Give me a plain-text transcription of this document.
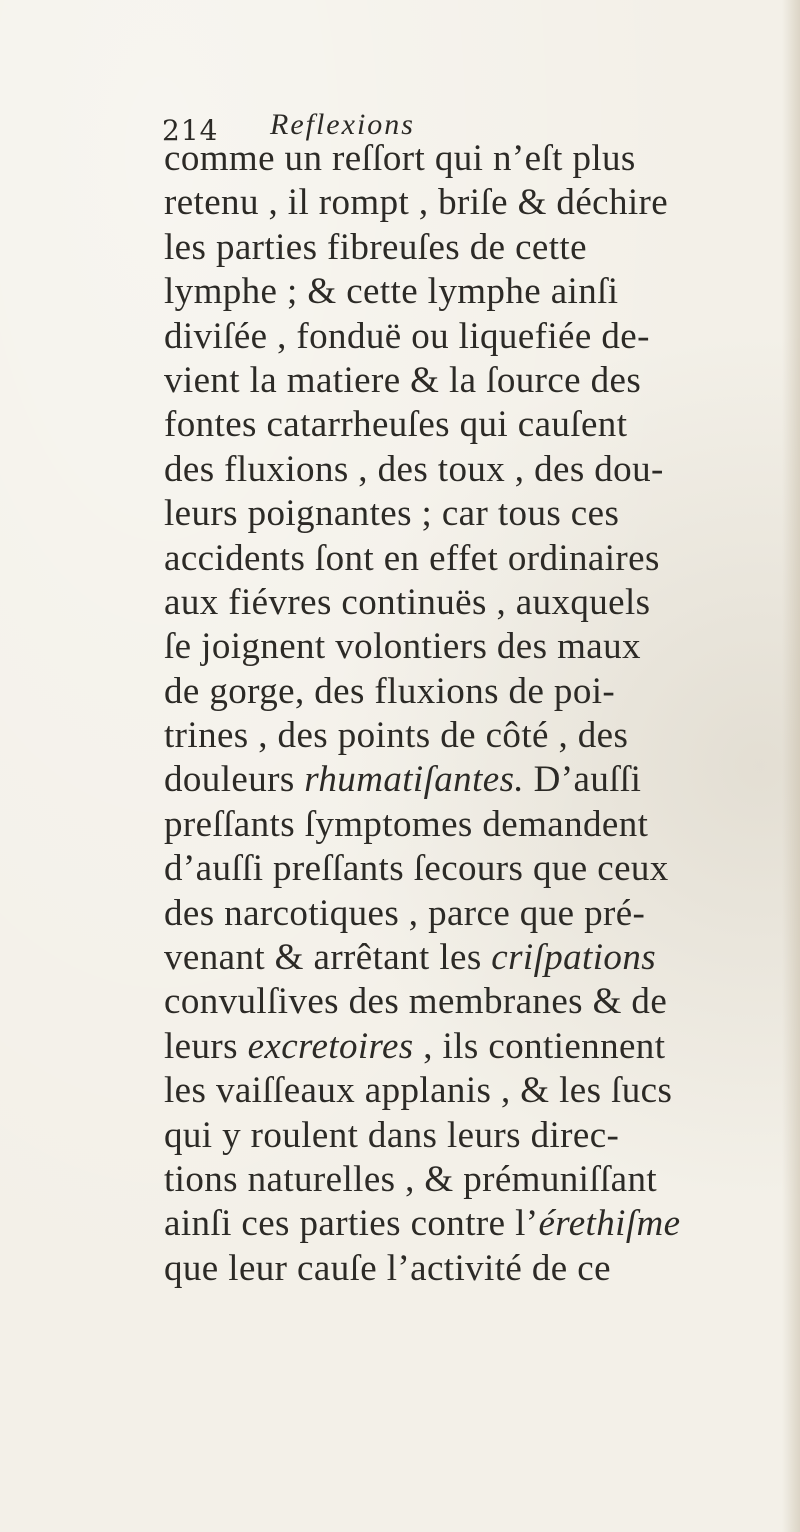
214 Reflexions
comme un reſſort qui n’eſt plus
retenu , il rompt , briſe & déchire
les parties fibreuſes de cette
lymphe ; & cette lymphe ainſi
diviſée , fonduë ou liquefiée de-
vient la matiere & la ſource des
fontes catarrheuſes qui cauſent
des fluxions , des toux , des dou-
leurs poignantes ; car tous ces
accidents ſont en effet ordinaires
aux fiévres continuës , auxquels
ſe joignent volontiers des maux
de gorge, des fluxions de poi-
trines , des points de côté , des
douleurs rhumatiſantes. D’auſſi
preſſants ſymptomes demandent
d’auſſi preſſants ſecours que ceux
des narcotiques , parce que pré-
venant & arrêtant les criſpations
convulſives des membranes & de
leurs excretoires , ils contiennent
les vaiſſeaux applanis , & les ſucs
qui y roulent dans leurs direc-
tions naturelles , & prémuniſſant
ainſi ces parties contre l’érethiſme
que leur cauſe l’activité de ce
